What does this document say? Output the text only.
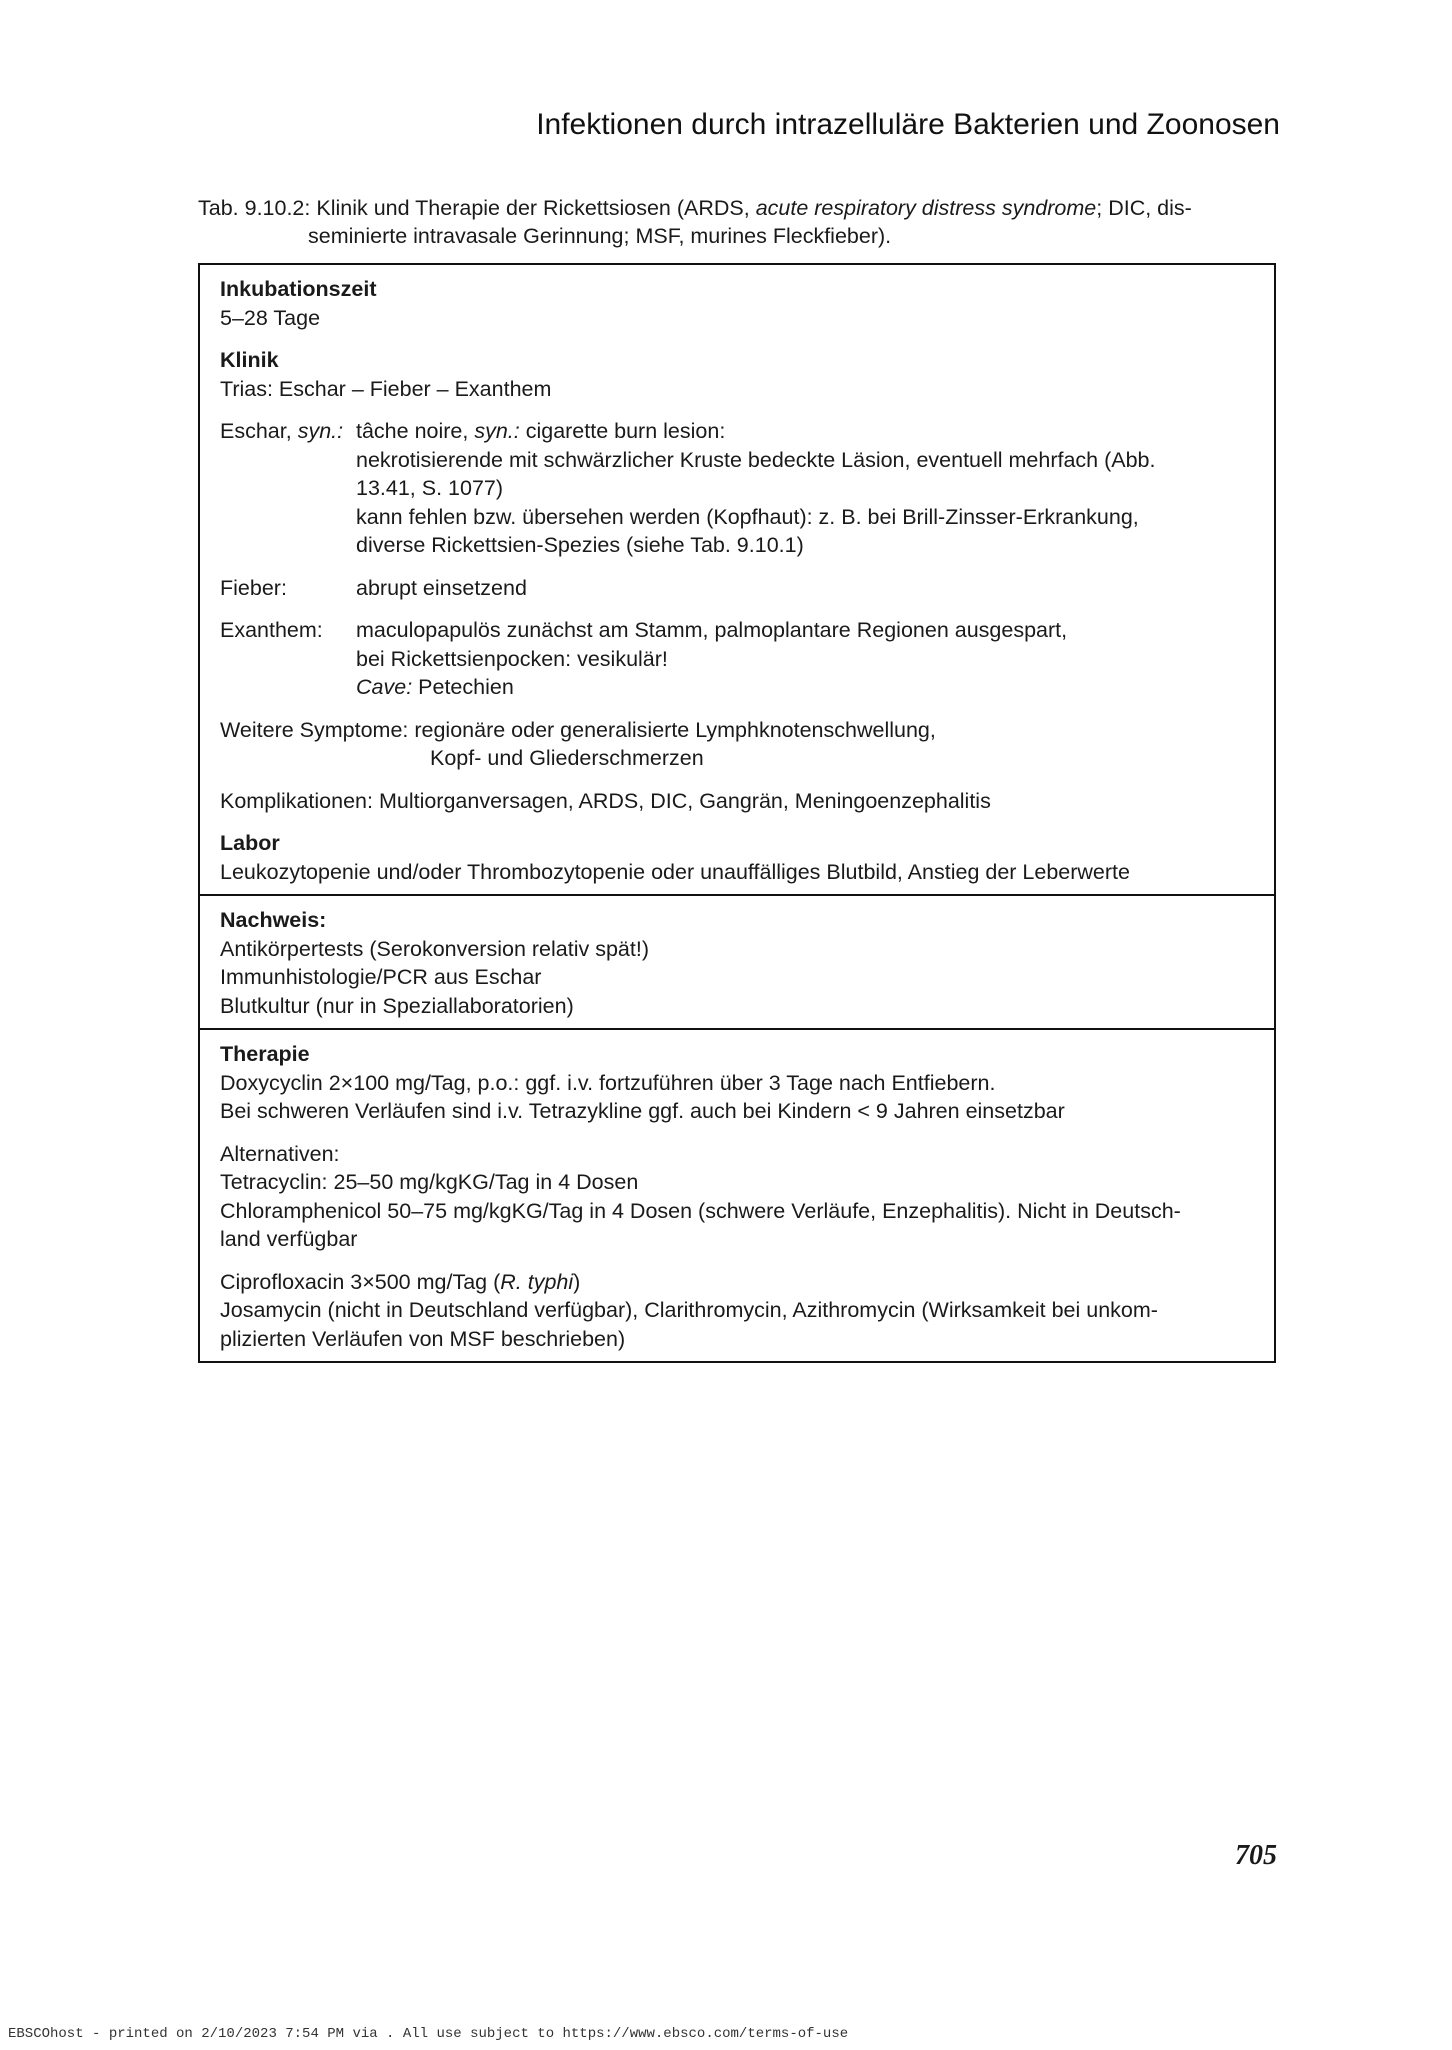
Infektionen durch intrazelluläre Bakterien und Zoonosen
Tab. 9.10.2: Klinik und Therapie der Rickettsiosen (ARDS, acute respiratory distress syndrome; DIC, dis-
seminierte intravasale Gerinnung; MSF, murines Fleckfieber).
Inkubationszeit
5–28 Tage
Klinik
Trias: Eschar – Fieber – Exanthem
Eschar, syn.: tâche noire, syn.: cigarette burn lesion:
nekrotisierende mit schwärzlicher Kruste bedeckte Läsion, eventuell mehrfach (Abb.
13.41, S. 1077)
kann fehlen bzw. übersehen werden (Kopfhaut): z. B. bei Brill-Zinsser-Erkrankung,
diverse Rickettsien-Spezies (siehe Tab. 9.10.1)
Fieber:	abrupt einsetzend
Exanthem:	maculopapulös zunächst am Stamm, palmoplantare Regionen ausgespart,
bei Rickettsienpocken: vesikulär!
Cave: Petechien
Weitere Symptome: regionäre oder generalisierte Lymphknotenschwellung,
Kopf- und Gliederschmerzen
Komplikationen: Multiorganversagen, ARDS, DIC, Gangrän, Meningoenzephalitis
Labor
Leukozytopenie und/oder Thrombozytopenie oder unauffälliges Blutbild, Anstieg der Leberwerte
Nachweis:
Antikörpertests (Serokonversion relativ spät!)
Immunhistologie/PCR aus Eschar
Blutkultur (nur in Speziallaboratorien)
Therapie
Doxycyclin 2×100 mg/Tag, p.o.: ggf. i.v. fortzuführen über 3 Tage nach Entfiebern.
Bei schweren Verläufen sind i.v. Tetrazykline ggf. auch bei Kindern < 9 Jahren einsetzbar
Alternativen:
Tetracyclin: 25–50 mg/kgKG/Tag in 4 Dosen
Chloramphenicol 50–75 mg/kgKG/Tag in 4 Dosen (schwere Verläufe, Enzephalitis). Nicht in Deutsch-
land verfügbar
Ciprofloxacin 3×500 mg/Tag (R. typhi)
Josamycin (nicht in Deutschland verfügbar), Clarithromycin, Azithromycin (Wirksamkeit bei unkom-
plizierten Verläufen von MSF beschrieben)
705
EBSCOhost - printed on 2/10/2023 7:54 PM via . All use subject to https://www.ebsco.com/terms-of-use
